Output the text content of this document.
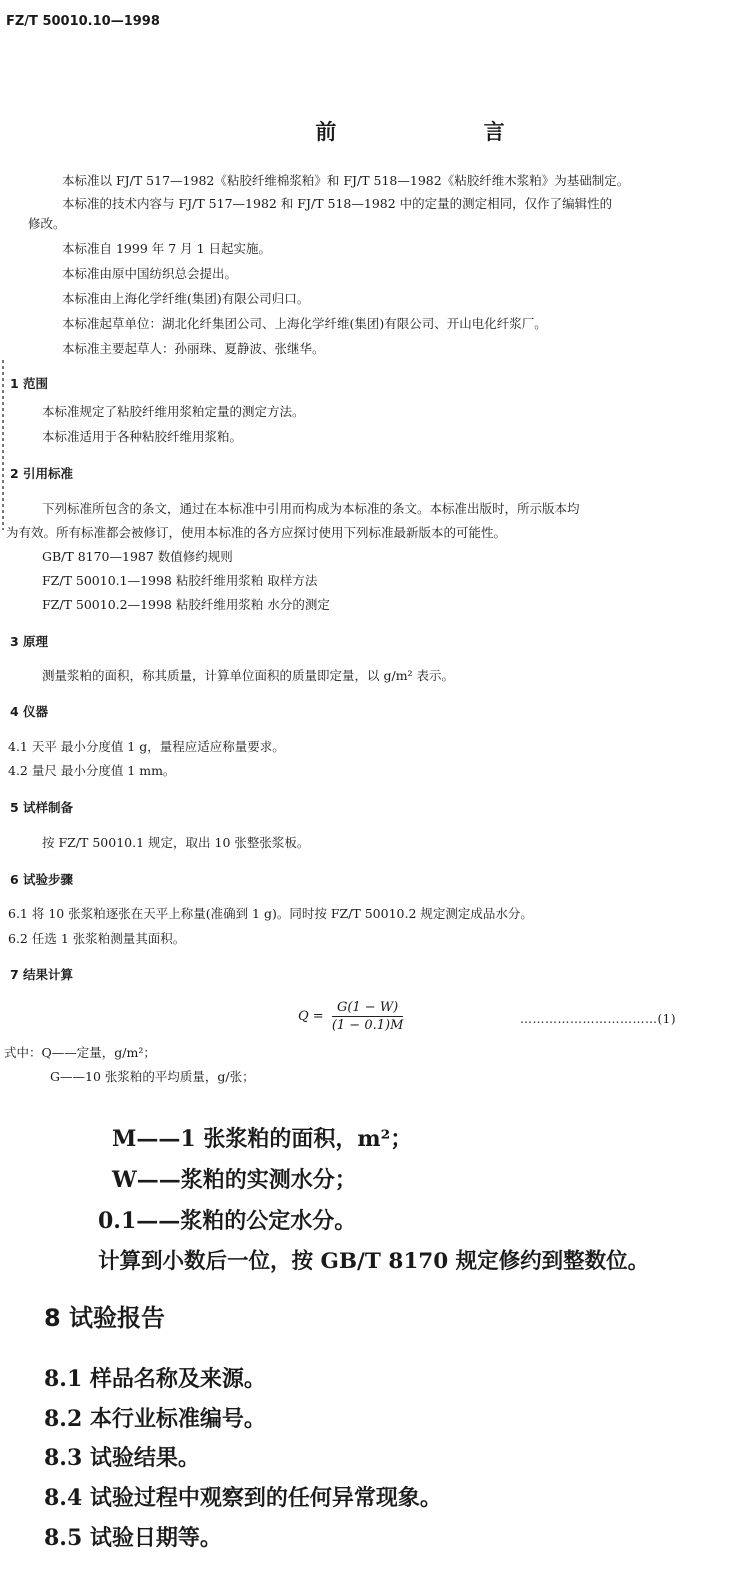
FZ/T 50010.10—1998
前 言
本标准以 FJ/T 517—1982《粘胶纤维棉浆粕》和 FJ/T 518—1982《粘胶纤维木浆粕》为基础制定。
本标准的技术内容与 FJ/T 517—1982 和 FJ/T 518—1982 中的定量的测定相同，仅作了编辑性的
修改。
本标准自 1999 年 7 月 1 日起实施。
本标准由原中国纺织总会提出。
本标准由上海化学纤维(集团)有限公司归口。
本标准起草单位：湖北化纤集团公司、上海化学纤维(集团)有限公司、开山电化纤浆厂。
本标准主要起草人：孙丽珠、夏静波、张继华。
1 范围
本标准规定了粘胶纤维用浆粕定量的测定方法。
本标准适用于各种粘胶纤维用浆粕。
2 引用标准
下列标准所包含的条文，通过在本标准中引用而构成为本标准的条文。本标准出版时，所示版本均
为有效。所有标准都会被修订，使用本标准的各方应探讨使用下列标准最新版本的可能性。
GB/T 8170—1987 数值修约规则
FZ/T 50010.1—1998 粘胶纤维用浆粕 取样方法
FZ/T 50010.2—1998 粘胶纤维用浆粕 水分的测定
3 原理
测量浆粕的面积，称其质量，计算单位面积的质量即定量，以 g/m² 表示。
4 仪器
4.1 天平 最小分度值 1 g，量程应适应称量要求。
4.2 量尺 最小分度值 1 mm。
5 试样制备
按 FZ/T 50010.1 规定，取出 10 张整张浆板。
6 试验步骤
6.1 将 10 张浆粕逐张在天平上称量(准确到 1 g)。同时按 FZ/T 50010.2 规定测定成品水分。
6.2 任选 1 张浆粕测量其面积。
7 结果计算
$Q = \frac{G(1 - W)}{(1 - 0.1)M}$	……………………………(1)
式中：Q——定量，g/m²；
G——10 张浆粕的平均质量，g/张；
M——1 张浆粕的面积，m²；
W——浆粕的实测水分；
0.1——浆粕的公定水分。
计算到小数后一位，按 GB/T 8170 规定修约到整数位。
8 试验报告
8.1 样品名称及来源。
8.2 本行业标准编号。
8.3 试验结果。
8.4 试验过程中观察到的任何异常现象。
8.5 试验日期等。
